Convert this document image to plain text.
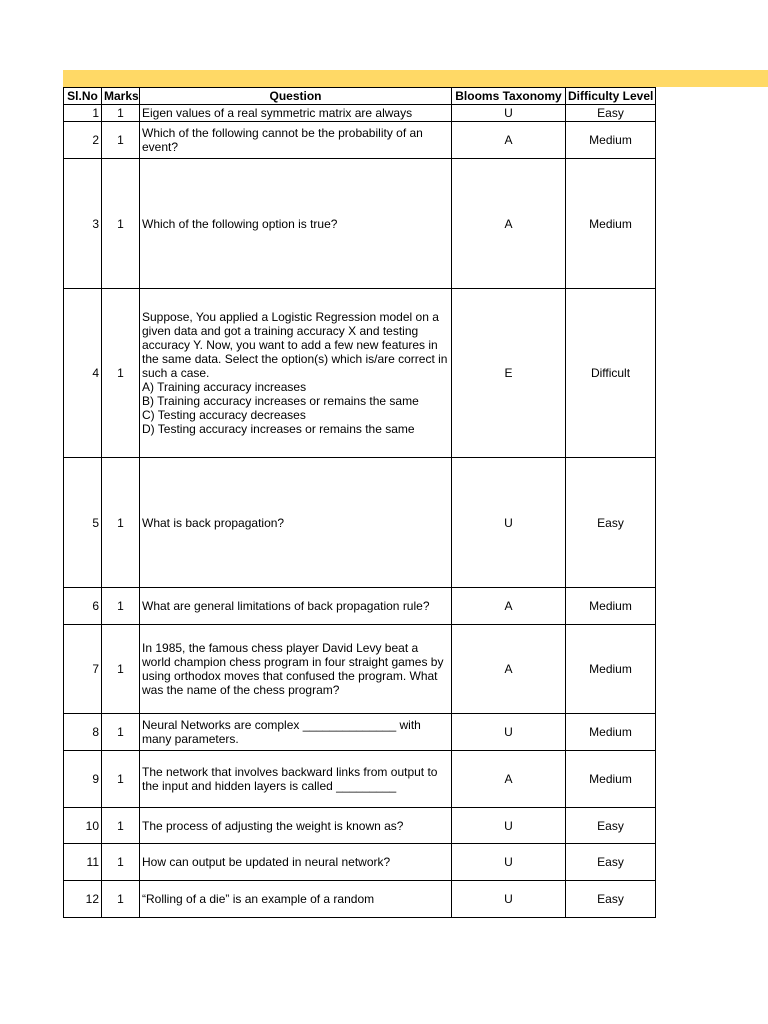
Sl.No	Marks	Question	Blooms Taxonomy	Difficulty Level
1	1	Eigen values of a real symmetric matrix are always	U	Easy
2	1	Which of the following cannot be the probability of an event?	A	Medium
3	1	Which of the following option is true?	A	Medium
4	1	Suppose, You applied a Logistic Regression model on a given data and got a training accuracy X and testing accuracy Y. Now, you want to add a few new features in the same data. Select the option(s) which is/are correct in such a case.
A) Training accuracy increases
B) Training accuracy increases or remains the same
C) Testing accuracy decreases
D) Testing accuracy increases or remains the same	E	Difficult
5	1	What is back propagation?	U	Easy
6	1	What are general limitations of back propagation rule?	A	Medium
7	1	In 1985, the famous chess player David Levy beat a world champion chess program in four straight games by using orthodox moves that confused the program. What was the name of the chess program?	A	Medium
8	1	Neural Networks are complex ______________ with many parameters.	U	Medium
9	1	The network that involves backward links from output to the input and hidden layers is called _________	A	Medium
10	1	The process of adjusting the weight is known as?	U	Easy
11	1	How can output be updated in neural network?	U	Easy
12	1	“Rolling of a die” is an example of a random	U	Easy
